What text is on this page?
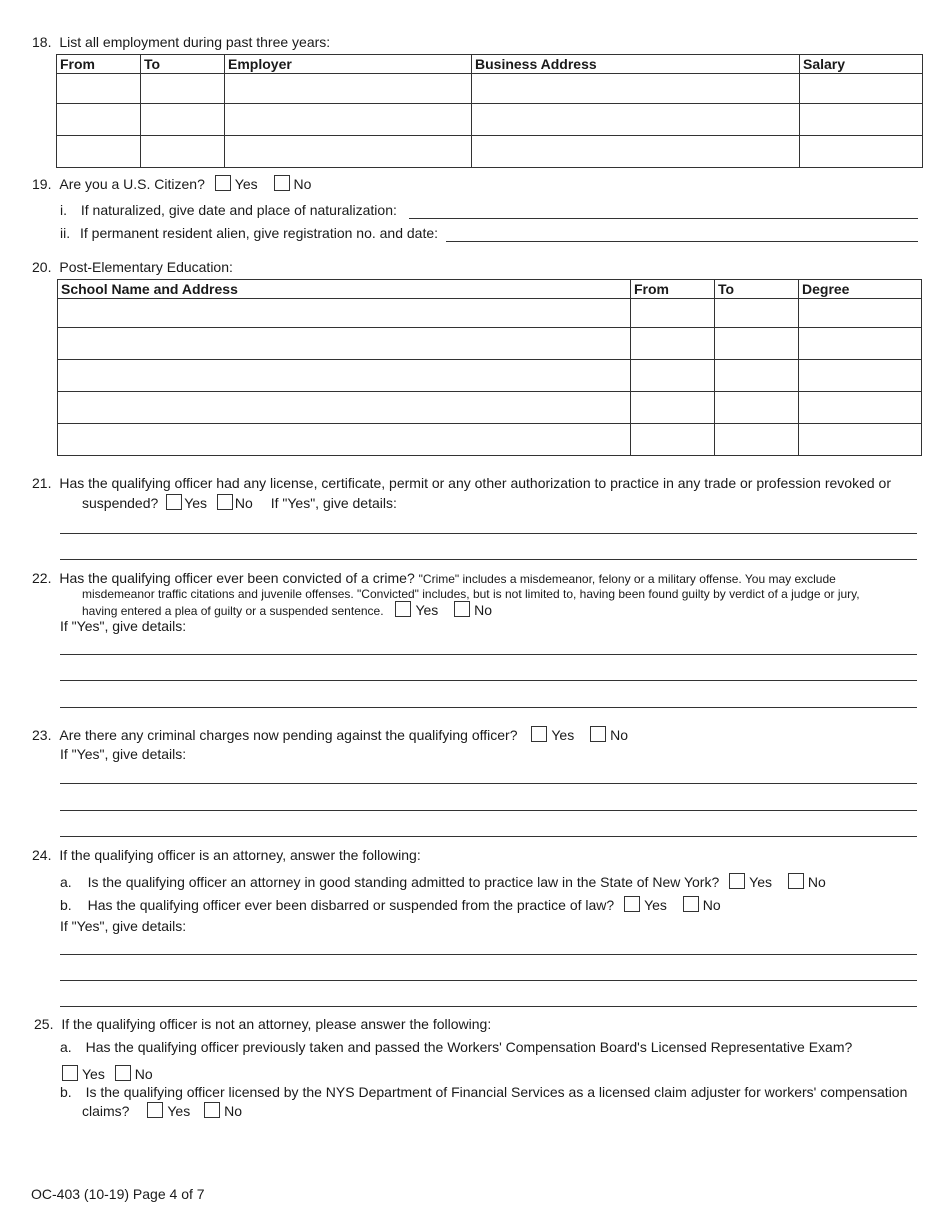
18. List all employment during past three years:
From	To	Employer	Business Address	Salary

19. Are you a U.S. Citizen? Yes	No
i. If naturalized, give date and place of naturalization:
ii. If permanent resident alien, give registration no. and date:
20. Post-Elementary Education:
School Name and Address	From	To	Degree

21. Has the qualifying officer had any license, certificate, permit or any other authorization to practice in any trade or profession revoked or
suspended? Yes No If "Yes", give details:
22. Has the qualifying officer ever been convicted of a crime? "Crime" includes a misdemeanor, felony or a military offense. You may exclude
misdemeanor traffic citations and juvenile offenses. "Convicted" includes, but is not limited to, having been found guilty by verdict of a judge or jury,
having entered a plea of guilty or a suspended sentence. Yes	No
If "Yes", give details:
23. Are there any criminal charges now pending against the qualifying officer? Yes	No
If "Yes", give details:
24. If the qualifying officer is an attorney, answer the following:
a. Is the qualifying officer an attorney in good standing admitted to practice law in the State of New York? Yes	No
b. Has the qualifying officer ever been disbarred or suspended from the practice of law? Yes	No
If "Yes", give details:
25. If the qualifying officer is not an attorney, please answer the following:
a. Has the qualifying officer previously taken and passed the Workers' Compensation Board's Licensed Representative Exam?
Yes No
b. Is the qualifying officer licensed by the NYS Department of Financial Services as a licensed claim adjuster for workers' compensation
claims?	Yes No
OC-403 (10-19) Page 4 of 7
